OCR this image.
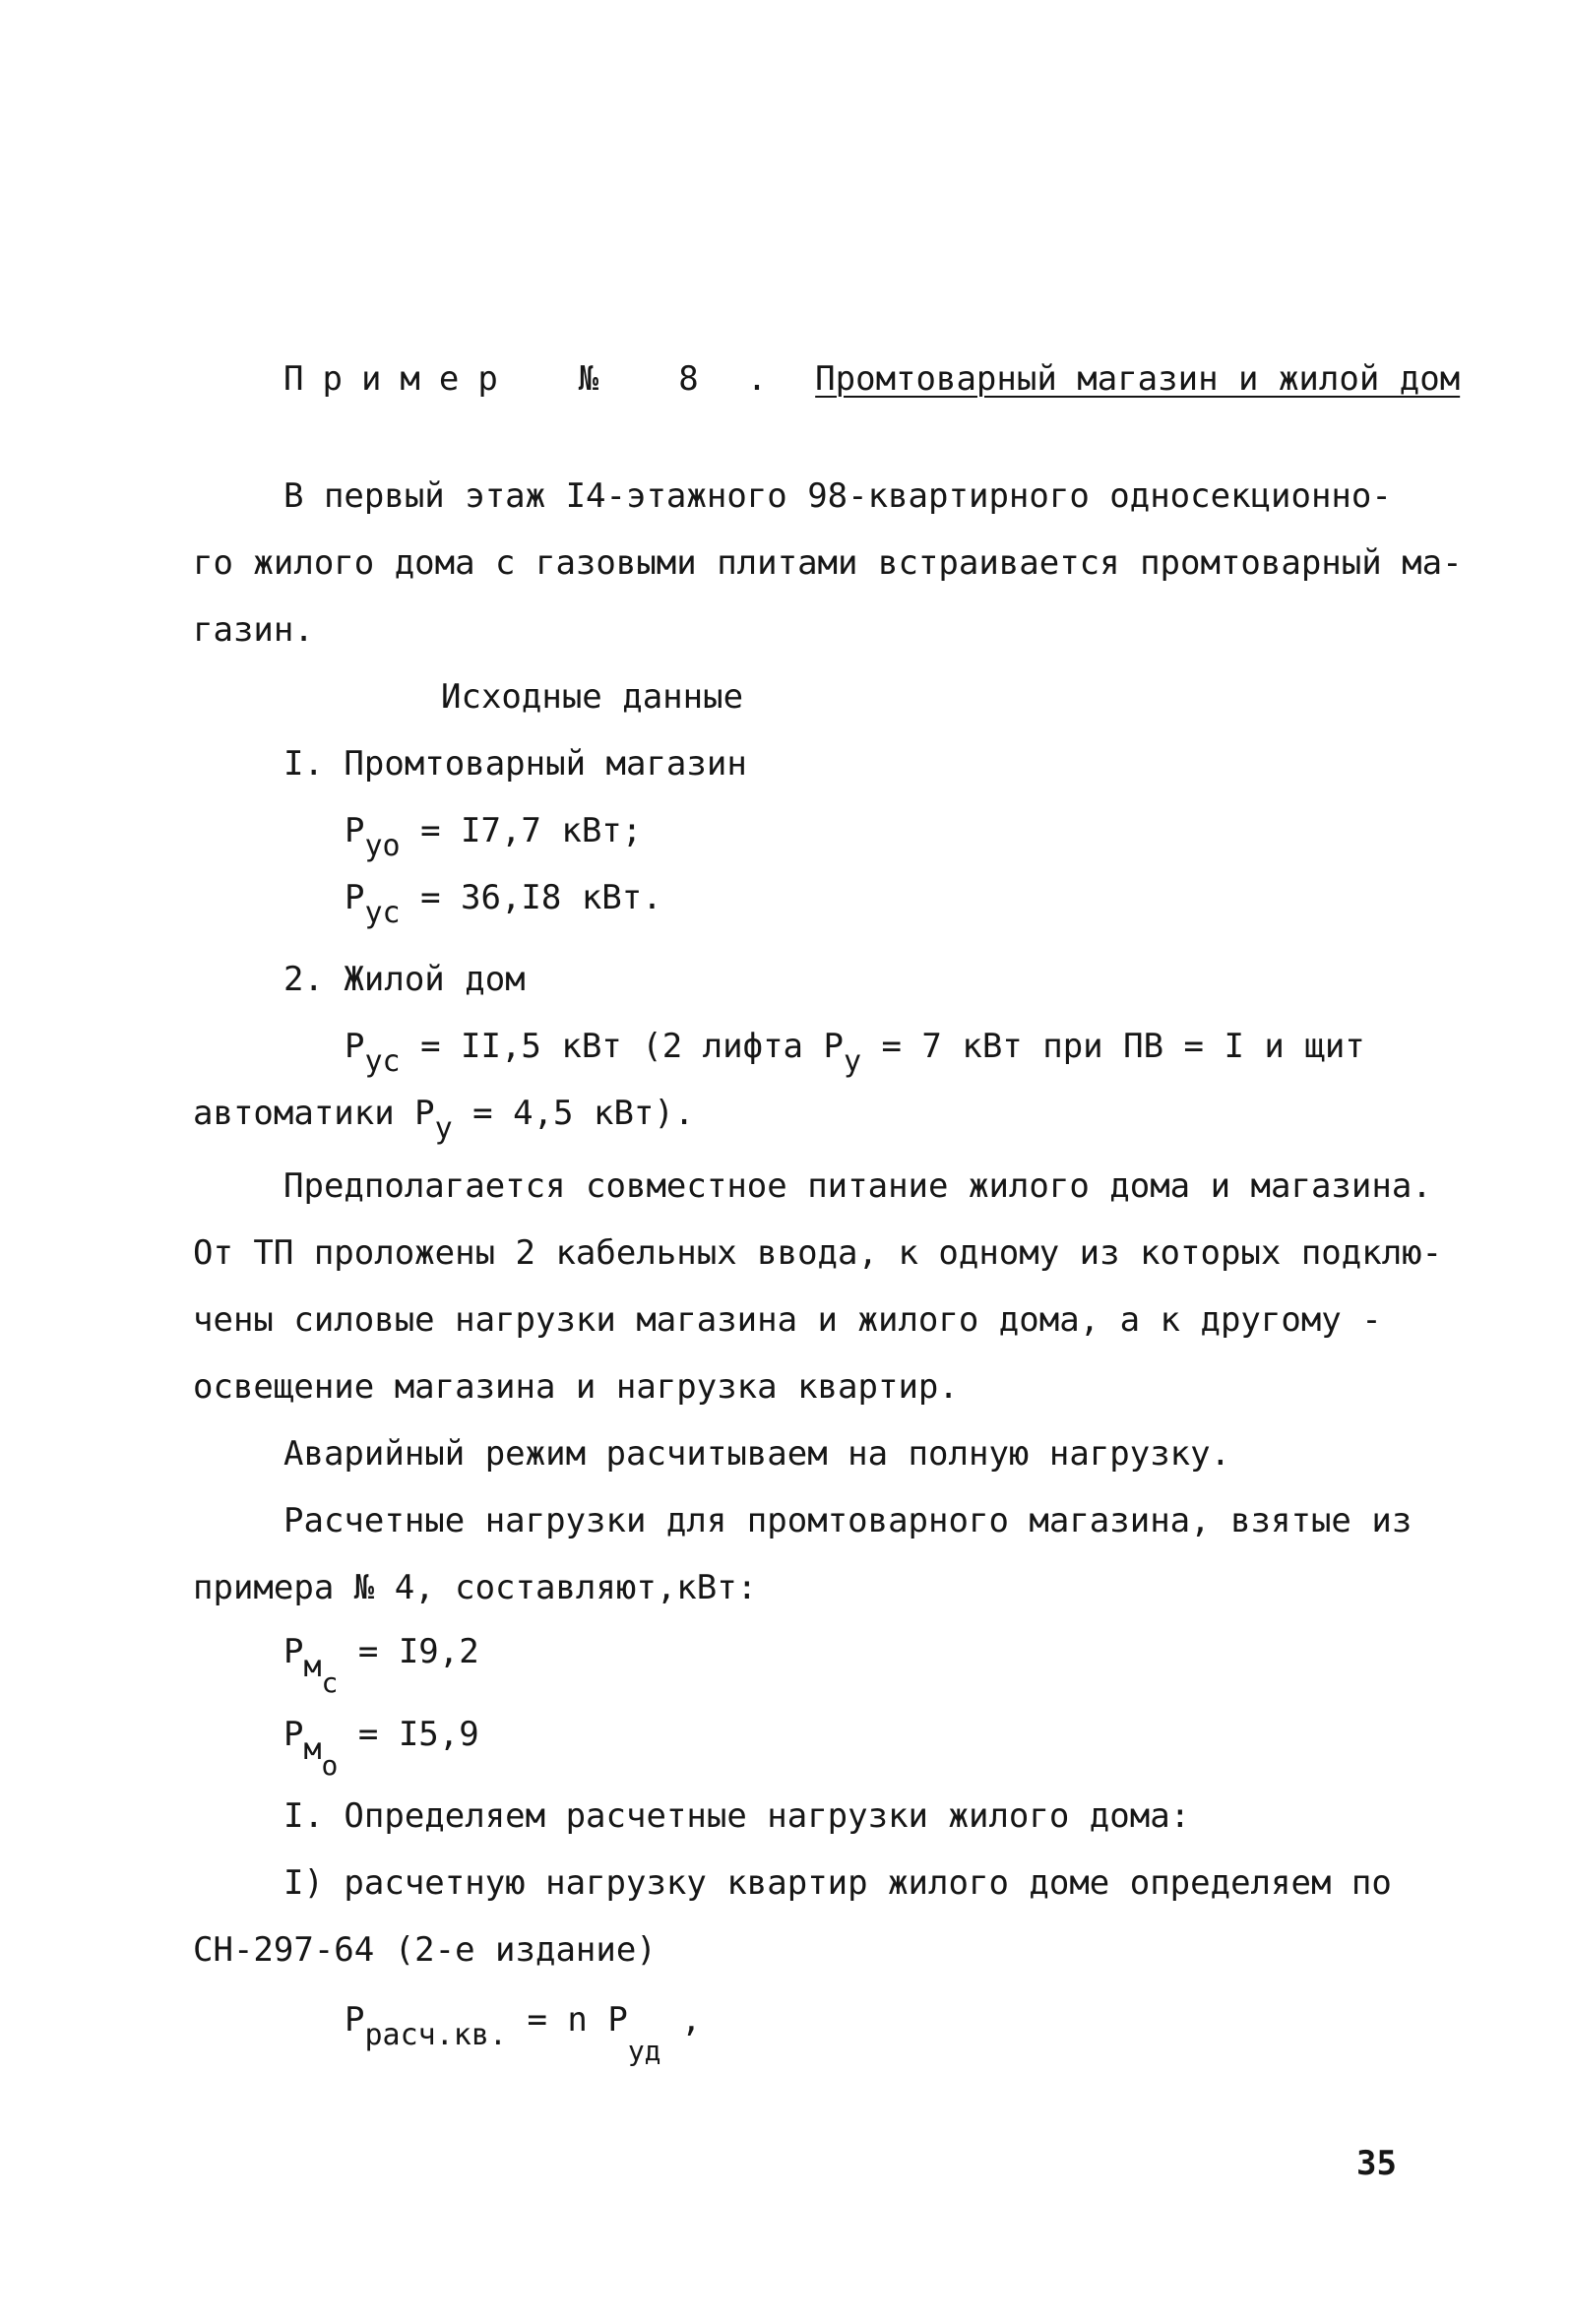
Пример № 8 . Промтоварный магазин и жилой дом
В первый этаж I4-этажного 98-квартирного односекционно-
го жилого дома с газовыми плитами встраивается промтоварный ма-
газин.
Исходные данные
I. Промтоварный магазин
Pуо = I7,7 кВт;
Pус = 36,I8 кВт.
2. Жилой дом
Pус = II,5 кВт (2 лифта Pу = 7 кВт при ПВ = I и щит
автоматики Pу = 4,5 кВт).
Предполагается совместное питание жилого дома и магазина.
От ТП проложены 2 кабельных ввода, к одному из которых подклю-
чены силовые нагрузки магазина и жилого дома, а к другому -
освещение магазина и нагрузка квартир.
Аварийный режим расчитываем на полную нагрузку.
Расчетные нагрузки для промтоварного магазина, взятые из
примера № 4, составляют,кВт:
$Pм_с = I9,2$
$Pм_о = I5,9$
I. Определяем расчетные нагрузки жилого дома:
I) расчетную нагрузку квартир жилого доме определяем по
СН-297-64 (2-е издание)
Pрасч.кв. = n $P_{уд}$ ,
35
